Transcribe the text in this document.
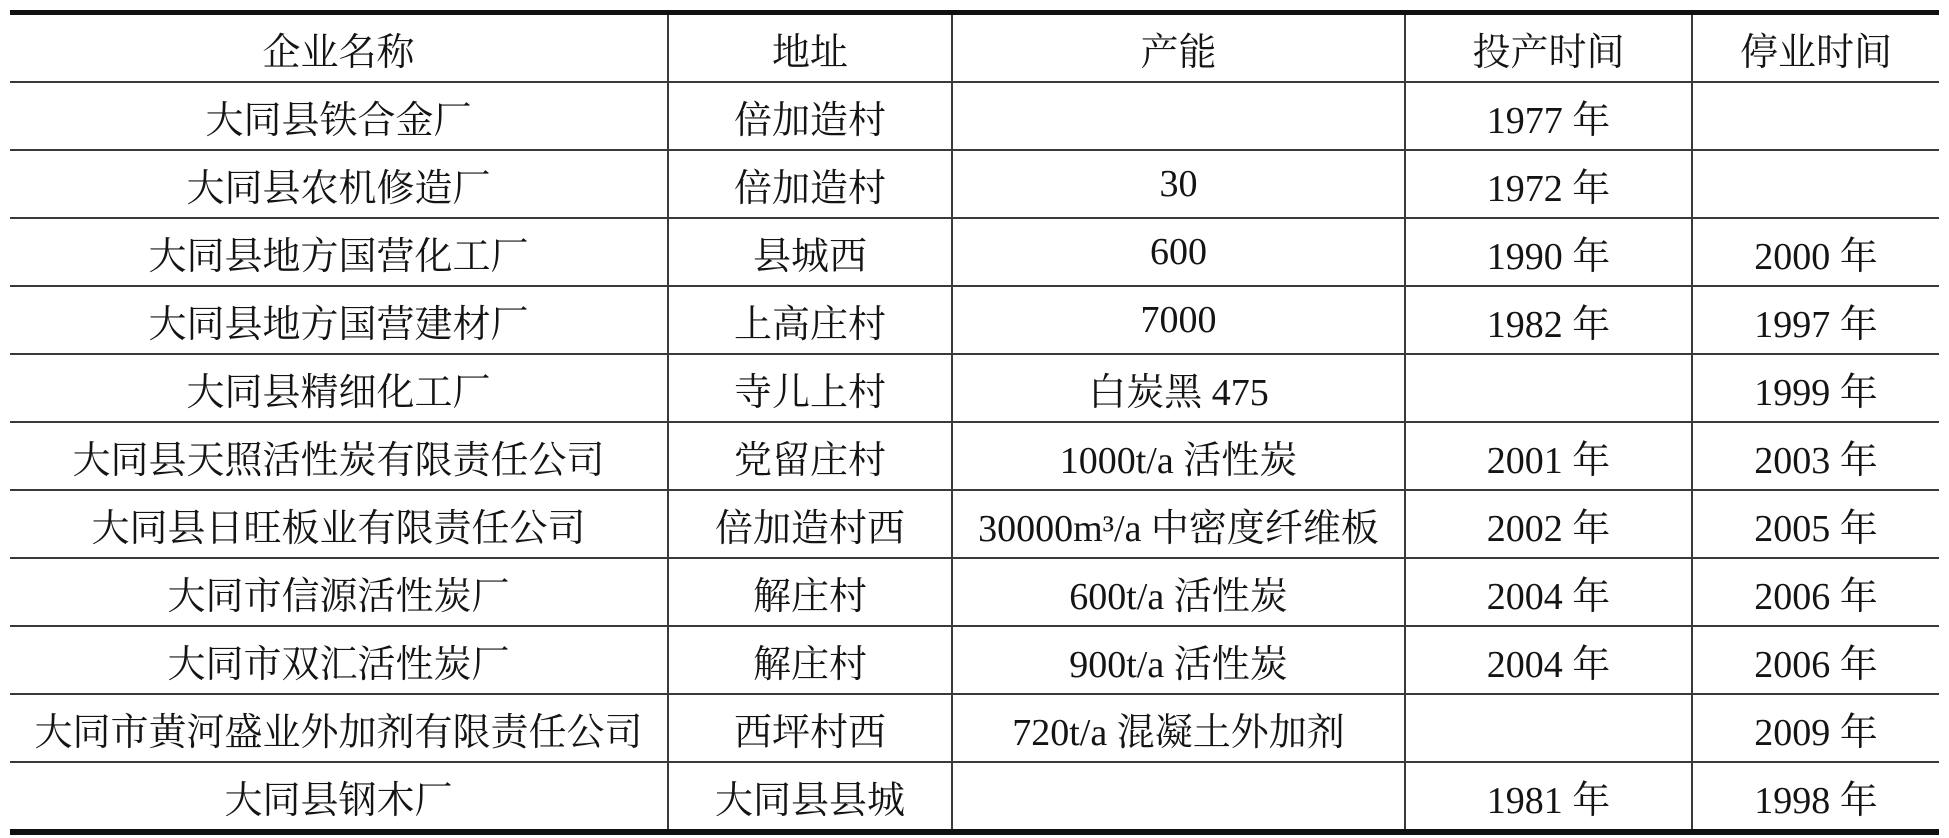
企业名称	地址	产能	投产时间	停业时间
大同县铁合金厂	倍加造村		1977 年	
大同县农机修造厂	倍加造村	30	1972 年	
大同县地方国营化工厂	县城西	600	1990 年	2000 年
大同县地方国营建材厂	上高庄村	7000	1982 年	1997 年
大同县精细化工厂	寺儿上村	白炭黑 475		1999 年
大同县天照活性炭有限责任公司	党留庄村	1000t/a 活性炭	2001 年	2003 年
大同县日旺板业有限责任公司	倍加造村西	30000m³/a 中密度纤维板	2002 年	2005 年
大同市信源活性炭厂	解庄村	600t/a 活性炭	2004 年	2006 年
大同市双汇活性炭厂	解庄村	900t/a 活性炭	2004 年	2006 年
大同市黄河盛业外加剂有限责任公司	西坪村西	720t/a 混凝土外加剂		2009 年
大同县钢木厂	大同县县城		1981 年	1998 年
